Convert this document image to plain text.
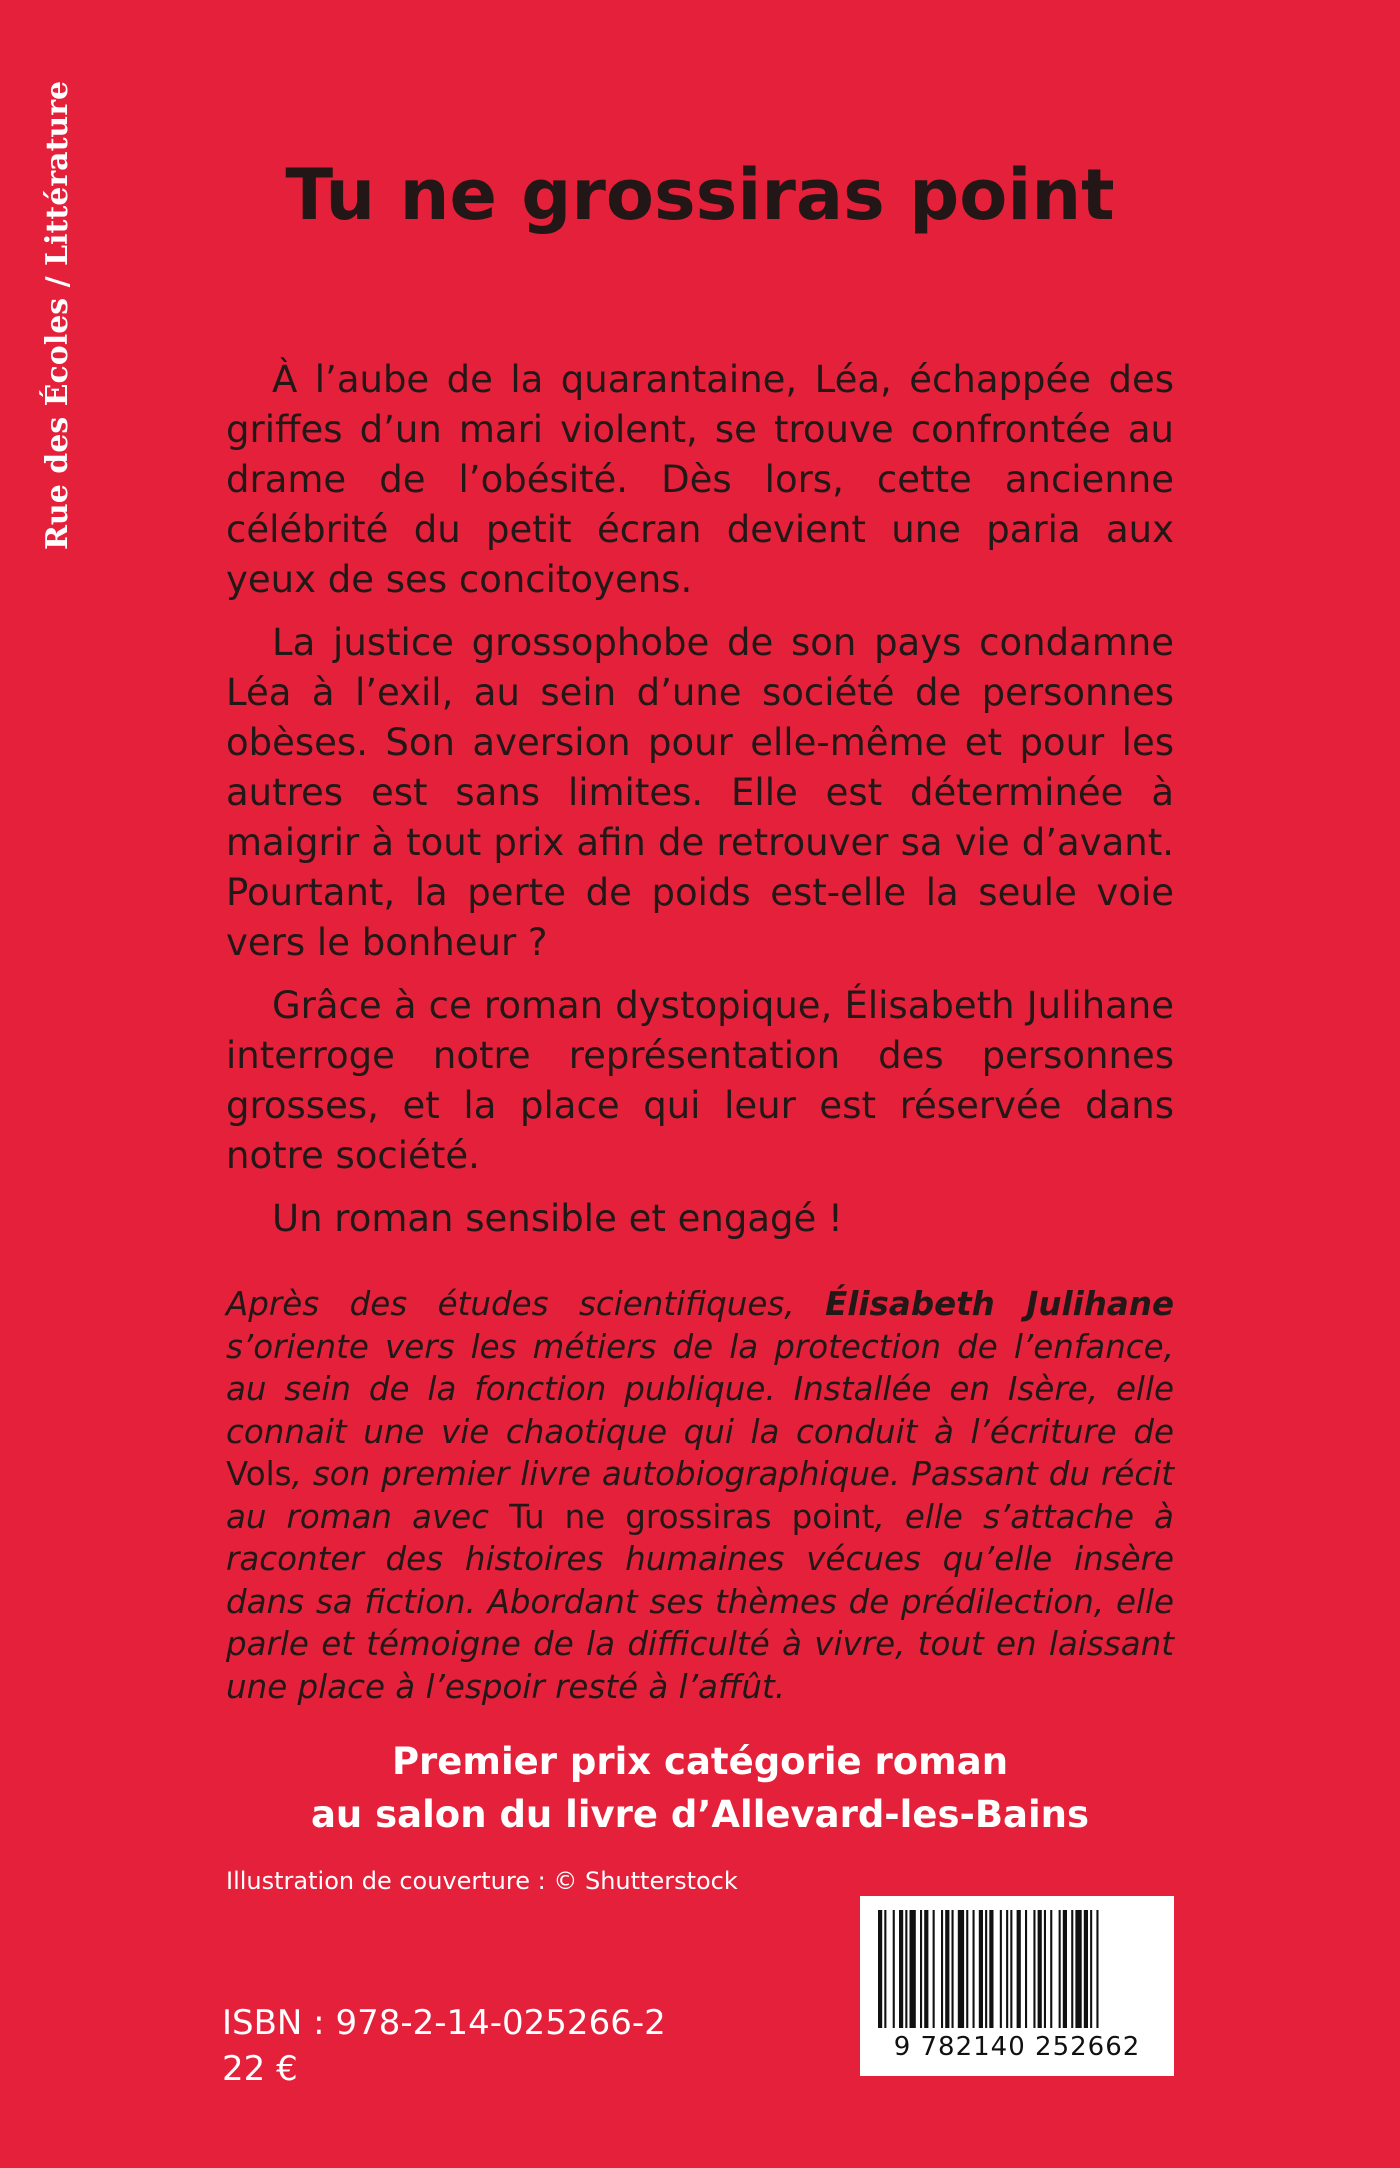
Rue des Écoles / Littérature	Tu ne grossiras point

À l’aube de la quarantaine, Léa, échappée des griffes d’un mari violent, se trouve confrontée au drame de l’obésité. Dès lors, cette ancienne célébrité du petit écran devient une paria aux yeux de ses concitoyens.

La justice grossophobe de son pays condamne Léa à l’exil, au sein d’une société de personnes obèses. Son aversion pour elle-même et pour les autres est sans limites. Elle est déterminée à maigrir à tout prix afin de retrouver sa vie d’avant. Pourtant, la perte de poids est-elle la seule voie vers le bonheur ?

Grâce à ce roman dystopique, Élisabeth Julihane interroge notre représentation des personnes grosses, et la place qui leur est réservée dans notre société.

Un roman sensible et engagé !

Après des études scientifiques, Élisabeth Julihane s’oriente vers les métiers de la protection de l’enfance, au sein de la fonction publique. Installée en Isère, elle connait une vie chaotique qui la conduit à l’écriture de Vols, son premier livre autobiographique. Passant du récit au roman avec Tu ne grossiras point, elle s’attache à raconter des histoires humaines vécues qu’elle insère dans sa fiction. Abordant ses thèmes de prédilection, elle parle et témoigne de la difficulté à vivre, tout en laissant une place à l’espoir resté à l’affût.

Premier prix catégorie roman
au salon du livre d’Allevard-les-Bains
Illustration de couverture : © Shutterstock
ISBN : 978-2-14-025266-2
22 €
9 782140 252662
